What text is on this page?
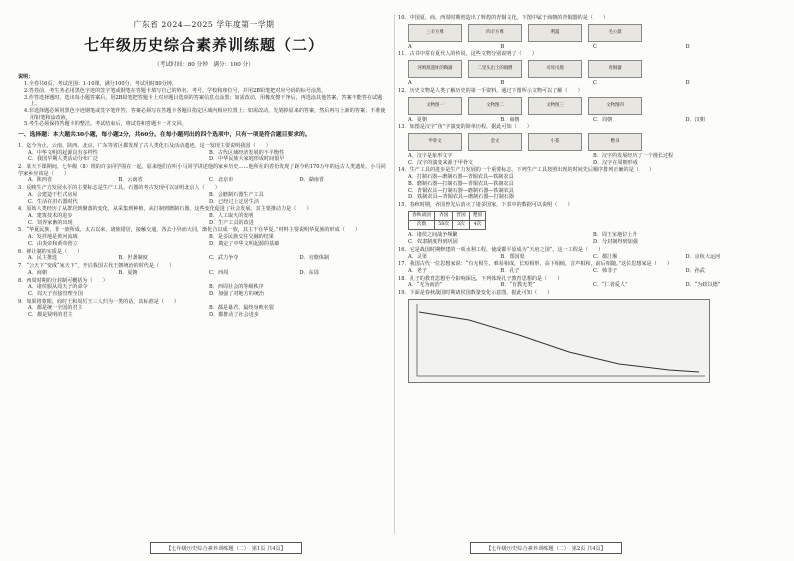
广东省 2024—2025 学年度第一学期
七年级历史综合素养训练题（二）
（考试时间：80 分钟　满分：100 分）
说明：
1.全卷共6页，考试范围：1-10课，满分100分，考试用时80分钟。
2.答卷前，考生务必用黑色字迹的签字笔或钢笔在答题卡填写自己的姓名、考号、学校和座位号，并用2B铅笔把对应号码的标号涂黑。
3.作答选择题时，选出每小题答案后，用2B铅笔把答题卡上对应题目选项的答案信息点涂黑；如需改动，用橡皮擦干净后，再选涂其他答案。答案不能答在试题上。
4.非选择题必须用黑色字迹钢笔或签字笔作答，答案必须写在答题卡各题目指定区域内相应位置上；如需改动，先划掉原来的答案，然后再写上新的答案；不准使用铅笔和涂改液。
5.考生必须保持答题卡的整洁。考试结束后，将试卷和答题卡一并交回。
一、选择题：本大题共30小题，每小题2分，共60分。在每小题列出的四个选项中，只有一项是符合题目要求的。
1．迄今为止，云南、陕西、北京、广东等省区都发现了古人类化石及活动遗迹。这一发现主要说明我国（　　）
A．中华文明的起源具有多样性	B．古代区域经济发展的不平衡性
C．我国早期人类活动分布广泛	D．中华民族大家庭形成时间很早
2．某天下课期间，七年级（8）班的许多同学围在一起，原来他们在听小马同学讲述他的家乡历史……他所在的省份发现了距今约170万年的远古人类遗址。小马同学家乡应该是（　　）
A．陕西省	B．云南省	C．北京市	D．湖南省
3．反映生产力发展水平的主要标志是生产工具。石器的考古发现可以证明北京人（　　）
A．会建造干栏式房屋	B．会磨制石器生产工具
C．生活在旧石器时代	D．已经过上定居生活
4．原始人类经历了从群居到聚落的变化，从采集到种植，从打制到磨制石器，这些变化促进了社会发展。其主要推动力是（　　）
A．建筑技术的进步	B．人工取火的发明
C．饲养家畜的出现	D．生产工具的改进
5．“华夏民族、非一族所成，太古以来，诸族错居，接触交通，各去小异而大同，渐化合以成一族，其主干在华夏。”材料主要说明华夏族的形成（　　）
A．发祥地是黄河流域	B．是多民族交往交融的结果
C．由炎帝和黄帝创立	D．奠定了中华文明起源的基础
6．禅让制的实质是（　　）
A．民主推选	B．世袭制度	C．武力争夺	D．官僚体制
7．“公天下”变成“家天下”，开启我国古代王朝统治的时代是（　　）
A．商朝	B．夏朝	C．西周	D．东周
8．西周时期的分封制可概括为（　　）
A．诸侯服从周天子的命令	B．西周社会的等级秩序
C．周天子直接管理全国	D．加强了对地方的统治
9．如果将蒙眼、商纣王和周厉王三人归为一类的话，其标准是（　　）
A．都是统一全国的君主	B．都是暴君，最终身败名裂
C．都是贤明的君主	D．都推动了社会进步
10．中国夏、商、西周时期创造出了辉煌的青铜文化。下图中属于商朝的青铜器的是（　　）
三羊方尊	四羊方尊	利簋	毛公鼎
A	B	C	D
11．古书中常有夏代人的传说，这些文物分别说明了（　　）
河姆渡遗址的陶器	二里头出土的铜爵	司母戊鼎	青铜器
A	B	C	D
12．历史文物是人类了解历史的第一手资料。通过下图所示文物可以了解（　　）
文物图一	文物图二	文物图三	文物图四
A．夏朝	B．商朝	C．周朝	D．汉朝
13．如图是汉字“鱼”字演变的简单历程，据此可知（　　）
甲骨文	金文	小篆	楷书
A．汉字是象形文字	B．汉字的发展经历了一个漫长过程
C．汉字的演变来源于甲骨文	D．汉字在周朝形成
14．生产工具的进步是生产力发展的一个重要标志。下列生产工具按照出现的时间先后顺序排列正确的是（　　）
A．打制石器—磨制石器—青铜农具—铁制农具
B．磨制石器—打制石器—青铜农具—铁制农具
C．青铜农具—打制石器—磨制石器—铁制农具
D．铁制农具—青铜农具—磨制石器—打制石器
15．春秋时期，齐国曾先后消灭了诸多国家，下表中的数据可以说明（　　）
春秋战国	齐国	晋国	楚国
次数	58次	3次	4次
A．诸侯之间战争频繁	B．周王室地位上升
C．奴隶制度得到巩固	D．分封制得到加强
16．它是战国时期修建的一项水利工程，使成都平原成为“天府之国”。这一工程是（　　）
A．灵渠	B．郑国渠	C．都江堰	D．京杭大运河
17．我国古代一位思想家说：“有无相生，难易相成，长短相形，高下相倾，音声相和，前后相随。”这位思想家是（　　）
A．老子	B．孔子	C．韩非子	D．孙武
18．孔子的教育思想至今影响深远，下列体现孔子教育思想的是（　　）
A．“无为而治”	B．“有教无类”	C．“仁者爱人”	D．“为政以德”
19．下面是春秋战国时期诸侯国数量变化示意图，据此可知（　　）
【七年级历史综合素养训练题（二）　第1页 共4页】	【七年级历史综合素养训练题（二）　第2页 共4页】
